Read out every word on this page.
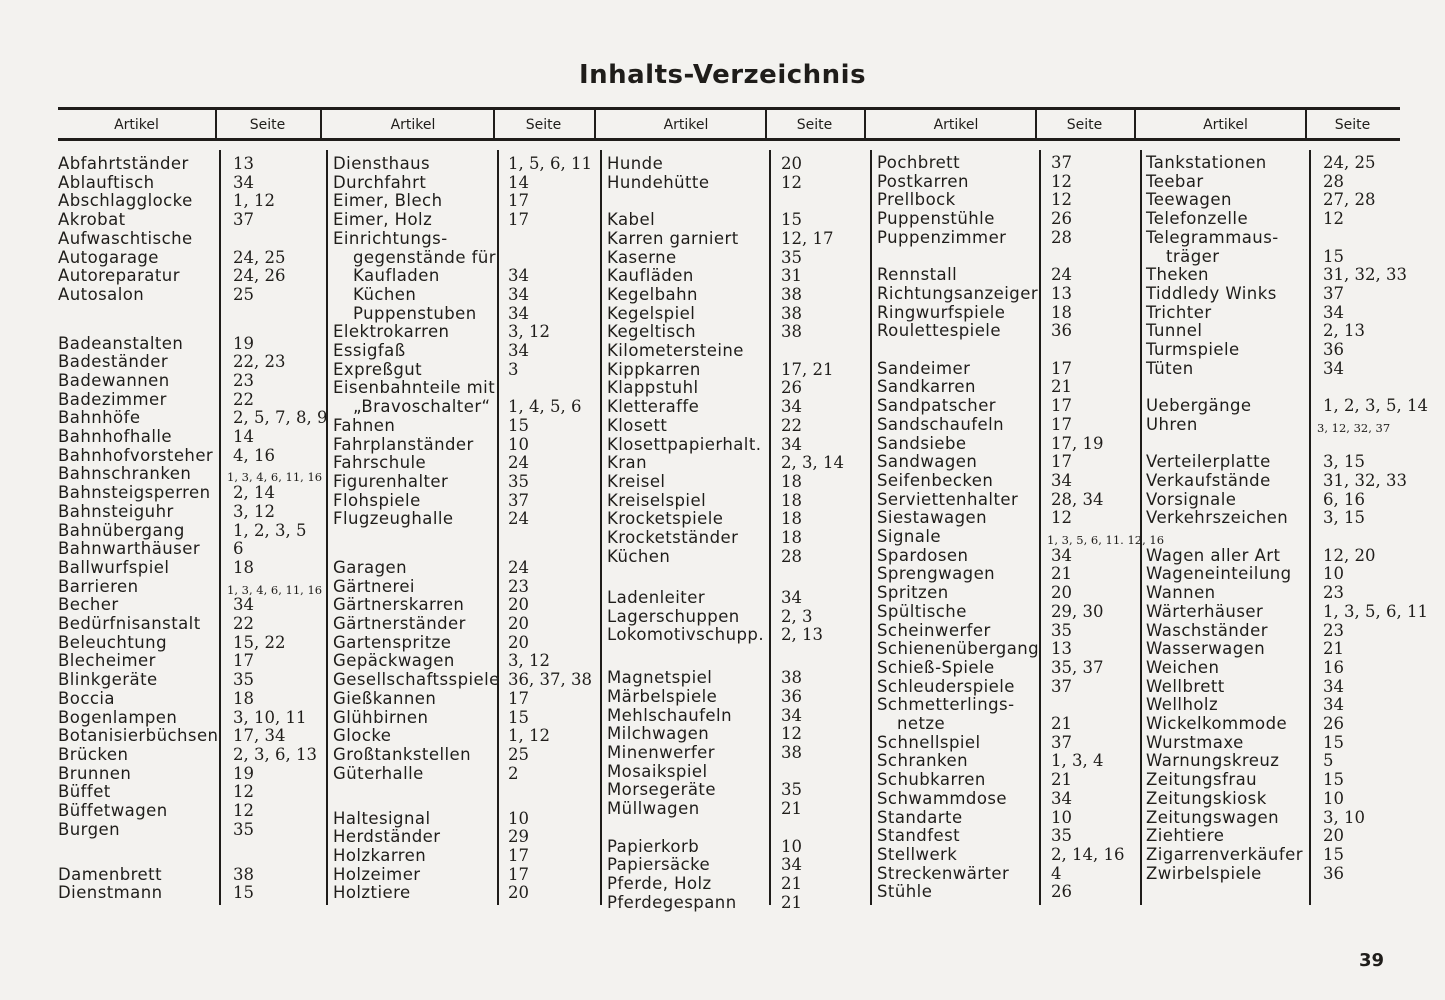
Inhalts-Verzeichnis
Artikel	Seite	Artikel	Seite	Artikel	Seite	Artikel	Seite	Artikel	Seite
Abfahrtständer	13
Ablauftisch	34
Abschlagglocke 1, 12
Akrobat	37
Aufwaschtische
Autogarage	24, 25
Autoreparatur	24, 26
Autosalon	25
Badeanstalten	19
Badeständer	22, 23
Badewannen	23
Badezimmer	22
Bahnhöfe	2, 5, 7, 8, 9
Bahnhofhalle	14
Bahnhofvorsteher 4, 16
Bahnschranken	1, 3, 4, 6, 11, 16
Bahnsteigsperren 2, 14
Bahnsteiguhr	3, 12
Bahnübergang	1, 2, 3, 5
Bahnwarthäuser 6
Ballwurfspiel	18
Barrieren	1, 3, 4, 6, 11, 16
Becher	34
Bedürfnisanstalt 22
Beleuchtung	15, 22
Blecheimer	17
Blinkgeräte	35
Boccia	18
Bogenlampen	3, 10, 11
Botanisierbüchsen 17, 34
Brücken	2, 3, 6, 13
Brunnen	19
Büffet	12
Büffetwagen	12
Burgen	35
Damenbrett	38
Dienstmann	15
Diensthaus	1, 5, 6, 11
Durchfahrt	14
Eimer, Blech	17
Eimer, Holz	17
Einrichtungs-
gegenstände für
Kaufladen	34
Küchen	34
Puppenstuben 34
Elektrokarren	3, 12
Essigfaß	34
Expreßgut	3
Eisenbahnteile mit
„Bravoschalter“ 1, 4, 5, 6
Fahnen	15
Fahrplanständer 10
Fahrschule	24
Figurenhalter	35
Flohspiele	37
Flugzeughalle	24
Garagen	24
Gärtnerei	23
Gärtnerskarren	20
Gärtnerständer	20
Gartenspritze	20
Gepäckwagen	3, 12
Gesellschaftsspiele 36, 37, 38
Gießkannen	17
Glühbirnen	15
Glocke	1, 12
Großtankstellen 25
Güterhalle	2
Haltesignal	10
Herdständer	29
Holzkarren	17
Holzeimer	17
Holztiere	20
Hunde	20
Hundehütte	12
Kabel	15
Karren garniert	12, 17
Kaserne	35
Kaufläden	31
Kegelbahn	38
Kegelspiel	38
Kegeltisch	38
Kilometersteine
Kippkarren	17, 21
Klappstuhl	26
Kletteraffe	34
Klosett	22
Klosettpapierhalt. 34
Kran	2, 3, 14
Kreisel	18
Kreiselspiel	18
Krocketspiele	18
Krocketständer	18
Küchen	28
Ladenleiter	34
Lagerschuppen	2, 3
Lokomotivschupp. 2, 13
Magnetspiel	38
Märbelspiele	36
Mehlschaufeln	34
Milchwagen	12
Minenwerfer	38
Mosaikspiel
Morsegeräte	35
Müllwagen	21
Papierkorb	10
Papiersäcke	34
Pferde, Holz	21
Pferdegespann	21
Pochbrett	37
Postkarren	12
Prellbock	12
Puppenstühle	26
Puppenzimmer	28
Rennstall	24
Richtungsanzeiger 13
Ringwurfspiele	18
Roulettespiele	36
Sandeimer	17
Sandkarren	21
Sandpatscher	17
Sandschaufeln	17
Sandsiebe	17, 19
Sandwagen	17
Seifenbecken	34
Serviettenhalter 28, 34
Siestawagen	12
Signale	1, 3, 5, 6, 11. 12, 16
Spardosen	34
Sprengwagen	21
Spritzen	20
Spültische	29, 30
Scheinwerfer	35
Schienenübergang 13
Schieß-Spiele	35, 37
Schleuderspiele 37
Schmetterlings-
netze	21
Schnellspiel	37
Schranken	1, 3, 4
Schubkarren	21
Schwammdose	34
Standarte	10
Standfest	35
Stellwerk	2, 14, 16
Streckenwärter	4
Stühle	26
Tankstationen	24, 25
Teebar	28
Teewagen	27, 28
Telefonzelle	12
Telegrammaus-
träger	15
Theken	31, 32, 33
Tiddledy Winks	37
Trichter	34
Tunnel	2, 13
Turmspiele	36
Tüten	34
Uebergänge	1, 2, 3, 5, 14
Uhren	3, 12, 32, 37
Verteilerplatte	3, 15
Verkaufstände	31, 32, 33
Vorsignale	6, 16
Verkehrszeichen 3, 15
Wagen aller Art	12, 20
Wageneinteilung 10
Wannen	23
Wärterhäuser	1, 3, 5, 6, 11
Waschständer	23
Wasserwagen	21
Weichen	16
Wellbrett	34
Wellholz	34
Wickelkommode 26
Wurstmaxe	15
Warnungskreuz	5
Zeitungsfrau	15
Zeitungskiosk	10
Zeitungswagen	3, 10
Ziehtiere	20
Zigarrenverkäufer 15
Zwirbelspiele	36
39
